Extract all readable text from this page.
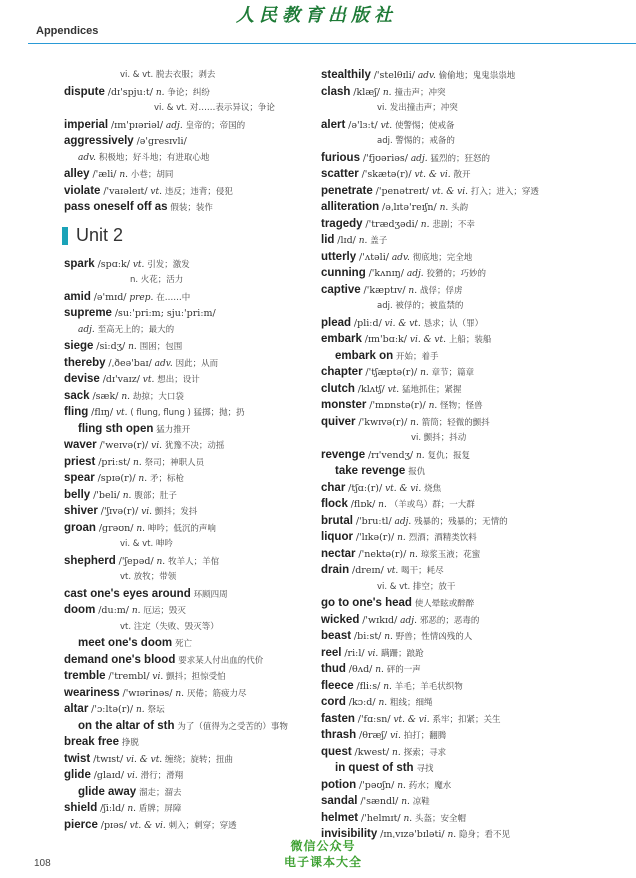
人民教育出版社
Appendices
vi. & vt. 脱去衣服；剥去
dispute /dɪ'spjuːt/ n. 争论；纠纷
vi. & vt. 对……表示异议；争论
imperial /ɪm'pɪəriəl/ adj. 皇帝的；帝国的
aggressively /ə'gresɪvli/
adv. 积极地；好斗地；有进取心地
alley /'æli/ n. 小巷；胡同
violate /'vaɪəleɪt/ vt. 违反；违背；侵犯
pass oneself off as 假装；装作
Unit 2
spark /spɑːk/ vt. 引发；激发
n. 火花；活力
amid /ə'mɪd/ prep. 在……中
supreme /suː'priːm; sjuː'priːm/
adj. 至高无上的；最大的
siege /siːdʒ/ n. 围困；包围
thereby /ˌðeə'baɪ/ adv. 因此；从而
devise /dɪ'vaɪz/ vt. 想出；设计
sack /sæk/ n. 劫掠；大口袋
fling /flɪŋ/ vt. ( flung, flung ) 猛掷；抛；扔
fling sth open 猛力推开
waver /'weɪvə(r)/ vi. 犹豫不决；动摇
priest /priːst/ n. 祭司；神职人员
spear /spɪə(r)/ n. 矛；标枪
belly /'beli/ n. 腹部；肚子
shiver /'ʃɪvə(r)/ vi. 颤抖；发抖
groan /grəʊn/ n. 呻吟；低沉的声响
vi. & vt. 呻吟
shepherd /'ʃepəd/ n. 牧羊人；羊倌
vt. 放牧；带领
cast one's eyes around 环顾四周
doom /duːm/ n. 厄运；毁灭
vt. 注定（失败、毁灭等）
meet one's doom 死亡
demand one's blood 要求某人付出血的代价
tremble /'trembl/ vi. 颤抖；担惊受怕
weariness /'wɪərinəs/ n. 厌倦；筋疲力尽
altar /'ɔːltə(r)/ n. 祭坛
on the altar of sth 为了（值得为之受苦的）事物
break free 挣脱
twist /twɪst/ vi. & vt. 缠绕；旋转；扭曲
glide /glaɪd/ vi. 滑行；滑翔
glide away 溜走；溜去
shield /ʃiːld/ n. 盾牌；屏障
pierce /pɪəs/ vt. & vi. 刺入；刺穿；穿透
stealthily /'stelθɪli/ adv. 偷偷地；鬼鬼祟祟地
clash /klæʃ/ n. 撞击声；冲突
vi. 发出撞击声；冲突
alert /ə'lɜːt/ vt. 使警惕；使戒备
adj. 警惕的；戒备的
furious /'fjʊəriəs/ adj. 猛烈的；狂怒的
scatter /'skætə(r)/ vt. & vi. 散开
penetrate /'penətreɪt/ vt. & vi. 打入；进入；穿透
alliteration /əˌlɪtə'reɪʃn/ n. 头韵
tragedy /'trædʒədi/ n. 悲剧；不幸
lid /lɪd/ n. 盖子
utterly /'ʌtəli/ adv. 彻底地；完全地
cunning /'kʌnɪŋ/ adj. 狡猾的；巧妙的
captive /'kæptɪv/ n. 战俘；俘虏
adj. 被俘的；被监禁的
plead /pliːd/ vi. & vt. 恳求；认（罪）
embark /ɪm'bɑːk/ vi. & vt. 上船；装船
embark on 开始；着手
chapter /'tʃæptə(r)/ n. 章节；篇章
clutch /klʌtʃ/ vt. 猛地抓住；紧握
monster /'mɒnstə(r)/ n. 怪物；怪兽
quiver /'kwɪvə(r)/ n. 箭筒；轻微的颤抖
vi. 颤抖；抖动
revenge /rɪ'vendʒ/ n. 复仇；报复
take revenge 报仇
char /tʃɑː(r)/ vt. & vi. 烧焦
flock /flɒk/ n. （羊或鸟）群；一大群
brutal /'bruːtl/ adj. 残暴的；残暴的；无情的
liquor /'lɪkə(r)/ n. 烈酒；酒精类饮料
nectar /'nektə(r)/ n. 琼浆玉液；花蜜
drain /dreɪn/ vt. 喝干；耗尽
vi. & vt. 排空；放干
go to one's head 使人晕眩或醉醉
wicked /'wɪkɪd/ adj. 邪恶的；恶毒的
beast /biːst/ n. 野兽；性情凶残的人
reel /riːl/ vi. 蹒跚；踉跄
thud /θʌd/ n. 砰的一声
fleece /fliːs/ n. 羊毛；羊毛状织物
cord /kɔːd/ n. 粗线；细绳
fasten /'fɑːsn/ vt. & vi. 系牢；扣紧；关生
thrash /θræʃ/ vi. 拍打；翻腾
quest /kwest/ n. 探索；寻求
in quest of sth 寻找
potion /'pəʊʃn/ n. 药水；魔水
sandal /'sændl/ n. 凉鞋
helmet /'helmɪt/ n. 头盔；安全帽
invisibility /ɪnˌvɪzə'bɪləti/ n. 隐身；看不见
108
微信公众号
电子课本大全
